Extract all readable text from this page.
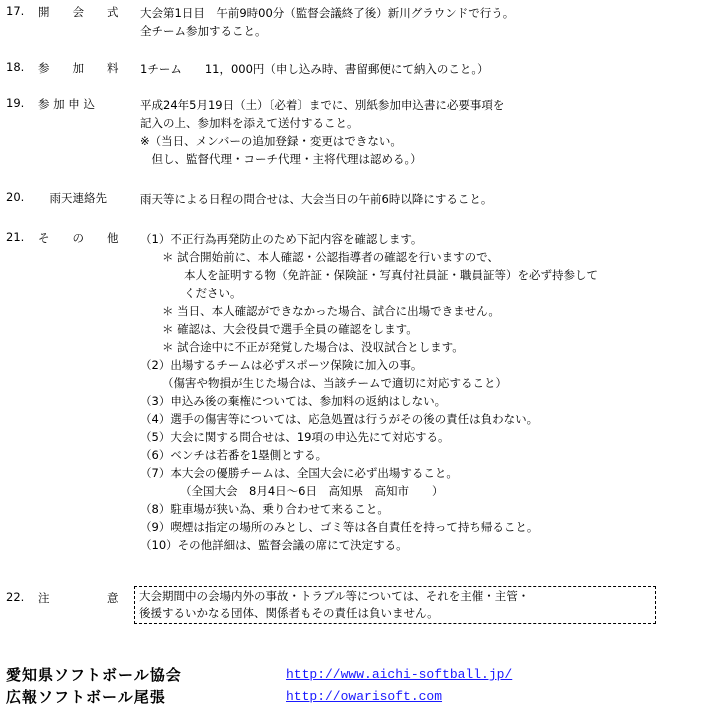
17. 開　　会　　式 大会第1日目　午前9時00分（監督会議終了後）新川グラウンドで行う。
全チーム参加すること。
18. 参　　加　　料 1チーム　　11，000円（申し込み時、書留郵便にて納入のこと。）
19. 参 加 申 込	平成24年5月19日（土）〔必着〕までに、別紙参加申込書に必要事項を
記入の上、参加料を添えて送付すること。
※（当日、メンバーの追加登録・変更はできない。
　但し、監督代理・コーチ代理・主将代理は認める。）
20. 　雨天連絡先	雨天等による日程の問合せは、大会当日の午前6時以降にすること。
21. そ　　の　　他 （1）不正行為再発防止のため下記内容を確認します。
＊ 試合開始前に、本人確認・公認指導者の確認を行いますので、
本人を証明する物（免許証・保険証・写真付社員証・職員証等）を必ず持参して
ください。
＊ 当日、本人確認ができなかった場合、試合に出場できません。
＊ 確認は、大会役員で選手全員の確認をします。
＊ 試合途中に不正が発覚した場合は、没収試合とします。
（2）出場するチームは必ずスポーツ保険に加入の事。
（傷害や物損が生じた場合は、当該チームで適切に対応すること）
（3）申込み後の棄権については、参加料の返納はしない。
（4）選手の傷害等については、応急処置は行うがその後の責任は負わない。
（5）大会に関する問合せは、19項の申込先にて対応する。
（6）ベンチは若番を1塁側とする。
（7）本大会の優勝チームは、全国大会に必ず出場すること。
（全国大会　8月4日～6日　高知県　高知市　　）
（8）駐車場が狭い為、乗り合わせて来ること。
（9）喫煙は指定の場所のみとし、ゴミ等は各自責任を持って持ち帰ること。
（10）その他詳細は、監督会議の席にて決定する。
22. 注　　　　　意 大会期間中の会場内外の事故・トラブル等については、それを主催・主管・
後援するいかなる団体、関係者もその責任は負いません。
愛知県ソフトボール協会
広報ソフトボール尾張
http://www.aichi-softball.jp/
http://owarisoft.com
